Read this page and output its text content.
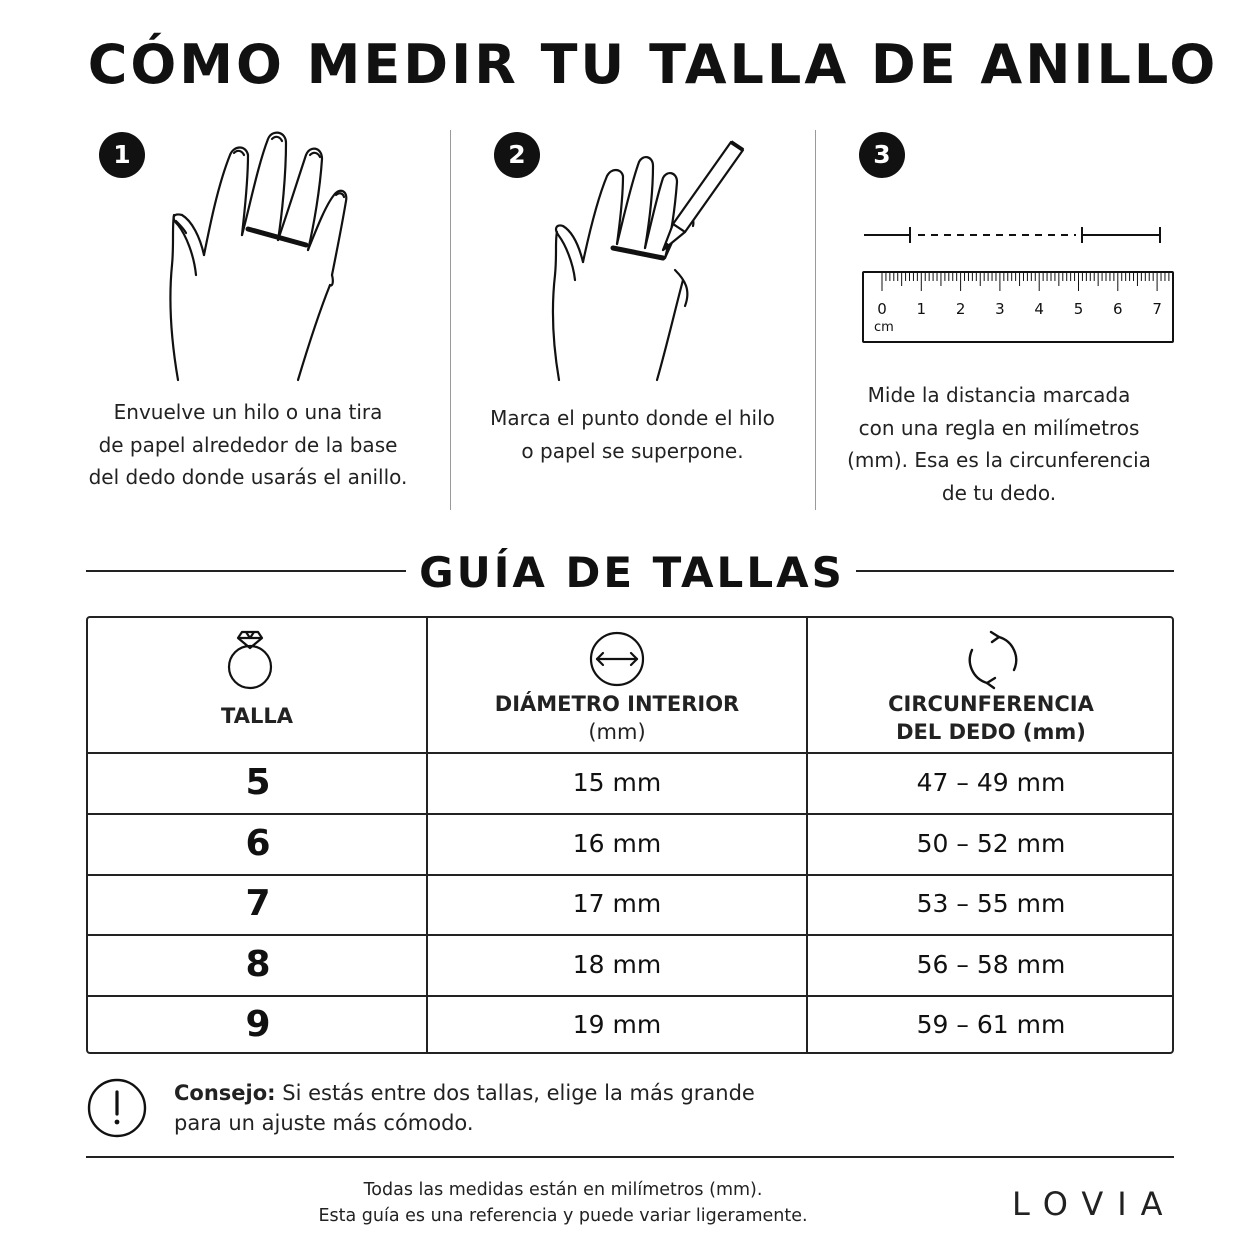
CÓMO MEDIR TU TALLA DE ANILLO
1
Envuelve un hilo o una tira
de papel alrededor de la base
del dedo donde usarás el anillo.
2
Marca el punto donde el hilo
o papel se superpone.
3
0	1	2	3	4	5	6	7
cm
Mide la distancia marcada
con una regla en milímetros
(mm). Esa es la circunferencia
de tu dedo.
GUÍA DE TALLAS
TALLA	DIÁMETRO INTERIOR
(mm)
CIRCUNFERENCIA
DEL DEDO (mm)
5	15 mm	47 – 49 mm
6	16 mm	50 – 52 mm
7	17 mm	53 – 55 mm
8	18 mm	56 – 58 mm
9	19 mm	59 – 61 mm
Consejo: Si estás entre dos tallas, elige la más grande
para un ajuste más cómodo.
Todas las medidas están en milímetros (mm).
Esta guía es una referencia y puede variar ligeramente.	LOVIA
